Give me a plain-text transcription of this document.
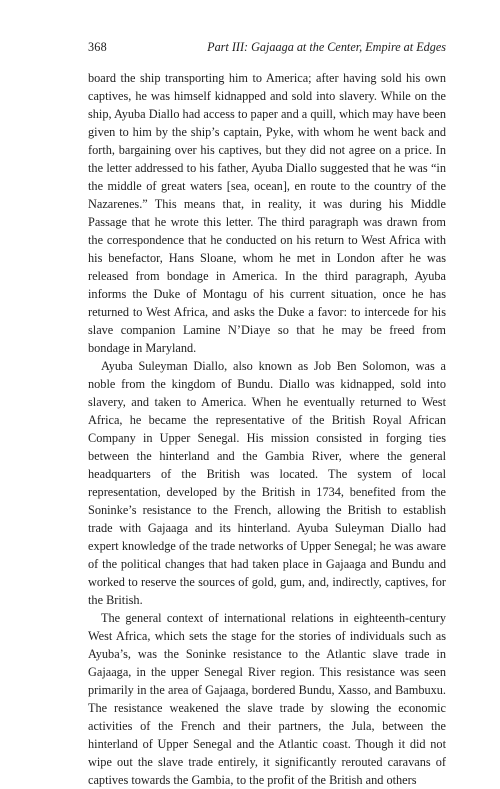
368	Part III: Gajaaga at the Center, Empire at Edges

board the ship transporting him to America; after having sold his own captives, he was himself kidnapped and sold into slavery. While on the ship, Ayuba Diallo had access to paper and a quill, which may have been given to him by the ship’s captain, Pyke, with whom he went back and forth, bargaining over his captives, but they did not agree on a price. In the letter addressed to his father, Ayuba Diallo suggested that he was “in the middle of great waters [sea, ocean], en route to the country of the Nazarenes.” This means that, in reality, it was during his Middle Passage that he wrote this letter. The third paragraph was drawn from the correspondence that he conducted on his return to West Africa with his benefactor, Hans Sloane, whom he met in London after he was released from bondage in America. In the third paragraph, Ayuba informs the Duke of Montagu of his current situation, once he has returned to West Africa, and asks the Duke a favor: to intercede for his slave companion Lamine N’Diaye so that he may be freed from bondage in Maryland.

Ayuba Suleyman Diallo, also known as Job Ben Solomon, was a noble from the kingdom of Bundu. Diallo was kidnapped, sold into slavery, and taken to America. When he eventually returned to West Africa, he became the representative of the British Royal African Company in Upper Senegal. His mission consisted in forging ties between the hinterland and the Gambia River, where the general headquarters of the British was located. The system of local representation, developed by the British in 1734, benefited from the Soninke’s resistance to the French, allowing the British to establish trade with Gajaaga and its hinterland. Ayuba Suleyman Diallo had expert knowledge of the trade networks of Upper Senegal; he was aware of the political changes that had taken place in Gajaaga and Bundu and worked to reserve the sources of gold, gum, and, indirectly, captives, for the British.

The general context of international relations in eighteenth-century West Africa, which sets the stage for the stories of individuals such as Ayuba’s, was the Soninke resistance to the Atlantic slave trade in Gajaaga, in the upper Senegal River region. This resistance was seen primarily in the area of Gajaaga, bordered Bundu, Xasso, and Bambuxu. The resistance weakened the slave trade by slowing the economic activities of the French and their partners, the Jula, between the hinterland of Upper Senegal and the Atlantic coast. Though it did not wipe out the slave trade entirely, it significantly rerouted caravans of captives towards the Gambia, to the profit of the British and others
